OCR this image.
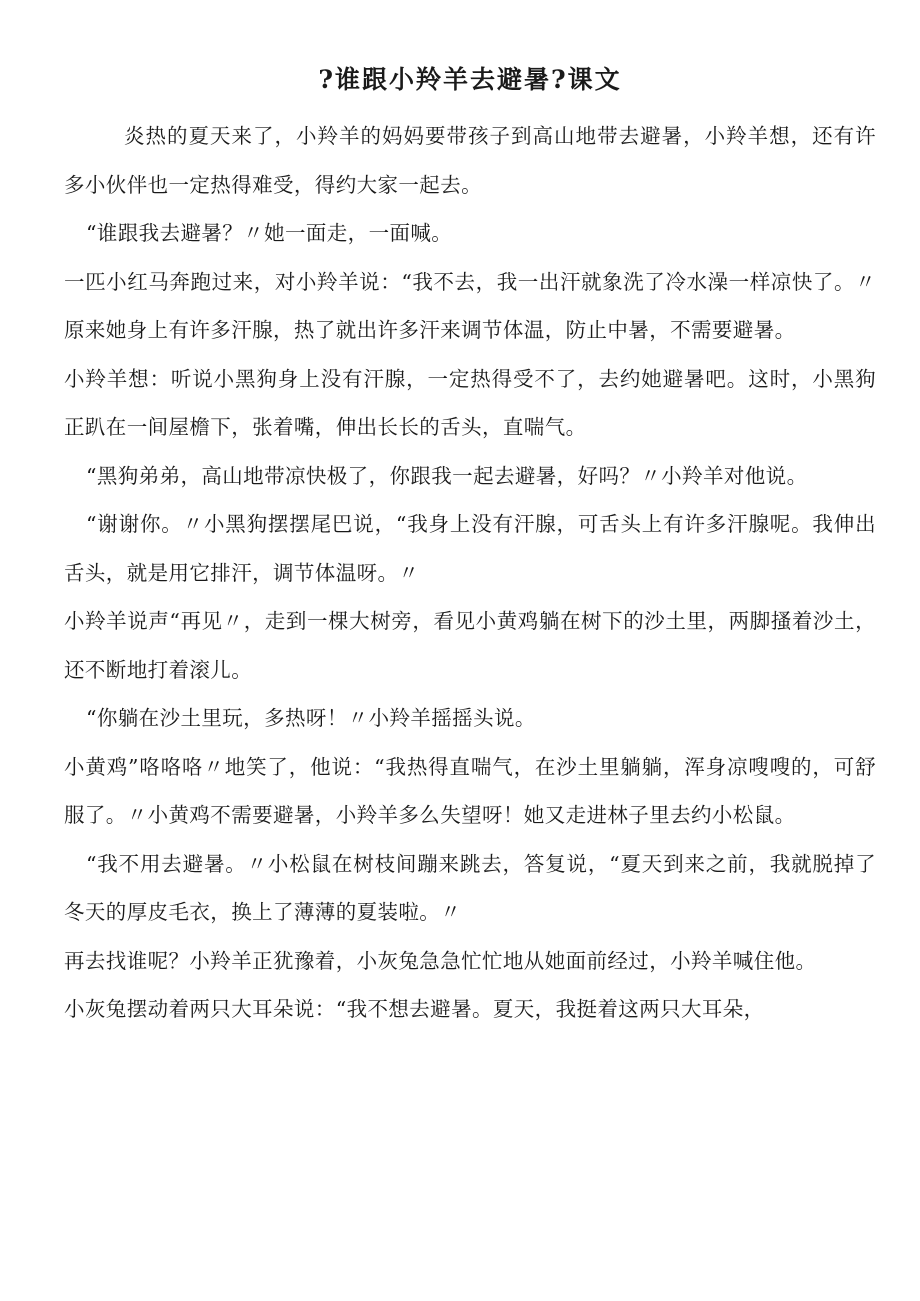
?谁跟小羚羊去避暑?课文

炎热的夏天来了，小羚羊的妈妈要带孩子到高山地带去避暑，小羚羊想，还有许多小伙伴也一定热得难受，得约大家一起去。

“谁跟我去避暑？〃她一面走，一面喊。

一匹小红马奔跑过来，对小羚羊说：“我不去，我一出汗就象洗了冷水澡一样凉快了。〃原来她身上有许多汗腺，热了就出许多汗来调节体温，防止中暑，不需要避暑。

小羚羊想：听说小黑狗身上没有汗腺，一定热得受不了，去约她避暑吧。这时，小黑狗正趴在一间屋檐下，张着嘴，伸出长长的舌头，直喘气。

“黑狗弟弟，高山地带凉快极了，你跟我一起去避暑，好吗？〃小羚羊对他说。

“谢谢你。〃小黑狗摆摆尾巴说，“我身上没有汗腺，可舌头上有许多汗腺呢。我伸出舌头，就是用它排汗，调节体温呀。〃

小羚羊说声“再见〃，走到一棵大树旁，看见小黄鸡躺在树下的沙土里，两脚搔着沙土，还不断地打着滚儿。

“你躺在沙土里玩，多热呀！〃小羚羊摇摇头说。

小黄鸡”咯咯咯〃地笑了，他说：“我热得直喘气，在沙土里躺躺，浑身凉嗖嗖的，可舒服了。〃小黄鸡不需要避暑，小羚羊多么失望呀！她又走进林子里去约小松鼠。

“我不用去避暑。〃小松鼠在树枝间蹦来跳去，答复说，“夏天到来之前，我就脱掉了冬天的厚皮毛衣，换上了薄薄的夏装啦。〃

再去找谁呢？小羚羊正犹豫着，小灰兔急急忙忙地从她面前经过，小羚羊喊住他。

小灰兔摆动着两只大耳朵说：“我不想去避暑。夏天，我挺着这两只大耳朵，
